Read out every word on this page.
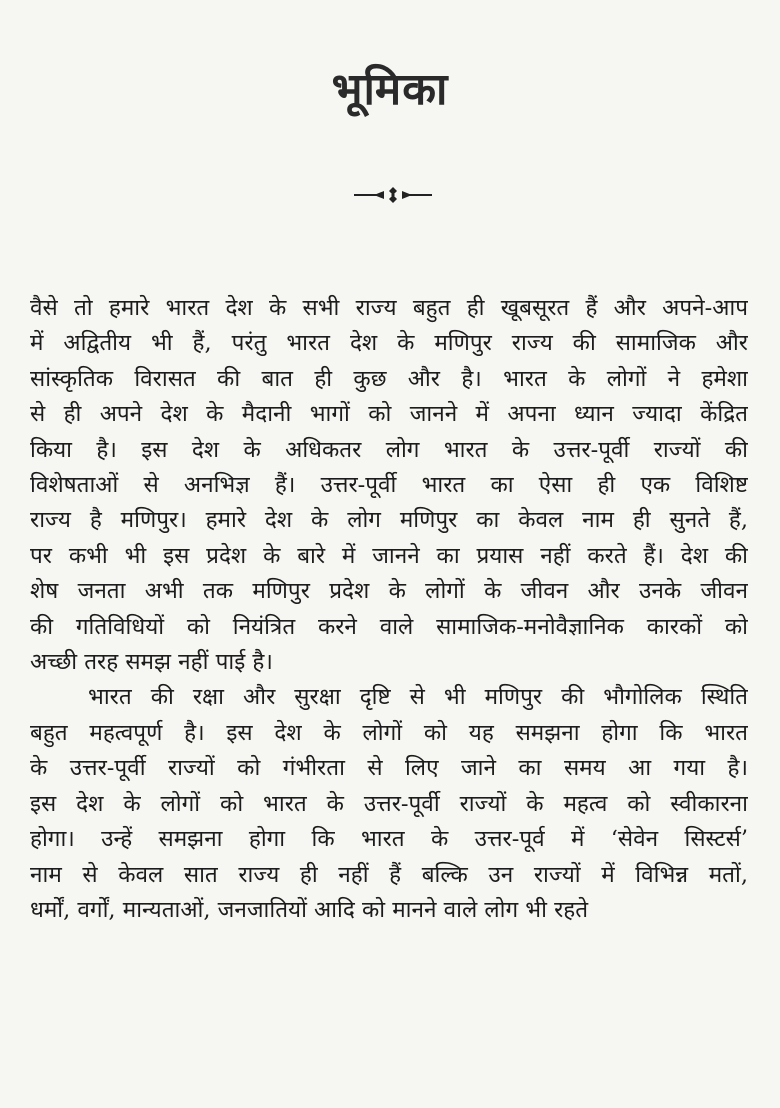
भूमिका
वैसे तो हमारे भारत देश के सभी राज्य बहुत ही खूबसूरत हैं और अपने-आप
में अद्वितीय भी हैं, परंतु भारत देश के मणिपुर राज्य की सामाजिक और
सांस्कृतिक विरासत की बात ही कुछ और है। भारत के लोगों ने हमेशा
से ही अपने देश के मैदानी भागों को जानने में अपना ध्यान ज्यादा केंद्रित
किया है। इस देश के अधिकतर लोग भारत के उत्तर-पूर्वी राज्यों की
विशेषताओं से अनभिज्ञ हैं। उत्तर-पूर्वी भारत का ऐसा ही एक विशिष्ट
राज्य है मणिपुर। हमारे देश के लोग मणिपुर का केवल नाम ही सुनते हैं,
पर कभी भी इस प्रदेश के बारे में जानने का प्रयास नहीं करते हैं। देश की
शेष जनता अभी तक मणिपुर प्रदेश के लोगों के जीवन और उनके जीवन
की गतिविधियों को नियंत्रित करने वाले सामाजिक-मनोवैज्ञानिक कारकों को
अच्छी तरह समझ नहीं पाई है।
भारत की रक्षा और सुरक्षा दृष्टि से भी मणिपुर की भौगोलिक स्थिति
बहुत महत्वपूर्ण है। इस देश के लोगों को यह समझना होगा कि भारत
के उत्तर-पूर्वी राज्यों को गंभीरता से लिए जाने का समय आ गया है।
इस देश के लोगों को भारत के उत्तर-पूर्वी राज्यों के महत्व को स्वीकारना
होगा। उन्हें समझना होगा कि भारत के उत्तर-पूर्व में ‘सेवेन सिस्टर्स’
नाम से केवल सात राज्य ही नहीं हैं बल्कि उन राज्यों में विभिन्न मतों,
धर्मों, वर्गों, मान्यताओं, जनजातियों आदि को मानने वाले लोग भी रहते
